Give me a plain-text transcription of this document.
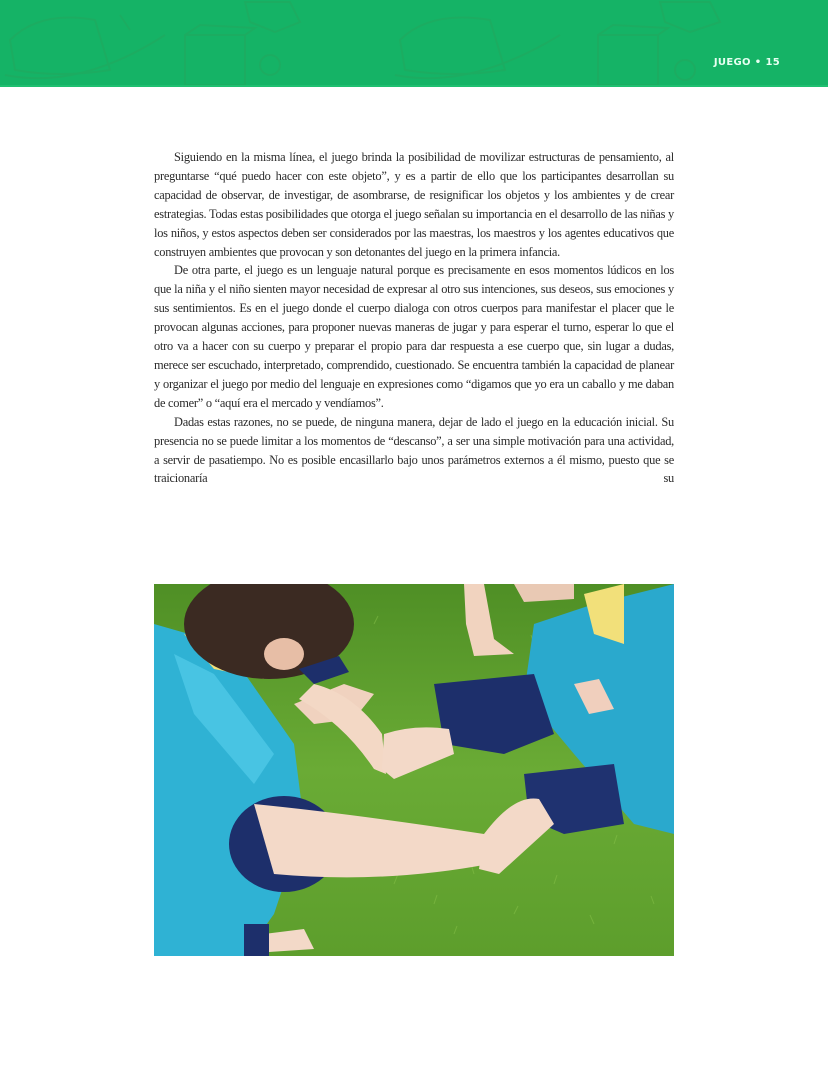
JUEGO • 15

Siguiendo en la misma línea, el juego brinda la posibilidad de movilizar estructuras de pensamiento, al preguntarse “qué puedo hacer con este objeto”, y es a partir de ello que los participantes desarrollan su capacidad de observar, de investigar, de asombrarse, de resignificar los objetos y los ambientes y de crear estrategias. Todas estas posibilidades que otorga el juego señalan su importancia en el desarrollo de las niñas y los niños, y estos aspectos deben ser considerados por las maestras, los maestros y los agentes educativos que construyen ambientes que provocan y son detonantes del juego en la primera infancia.

De otra parte, el juego es un lenguaje natural porque es precisamente en esos momentos lúdicos en los que la niña y el niño sienten mayor necesidad de expresar al otro sus intenciones, sus deseos, sus emociones y sus sentimientos. Es en el juego donde el cuerpo dialoga con otros cuerpos para manifestar el placer que le provocan algunas acciones, para proponer nuevas maneras de jugar y para esperar el turno, esperar lo que el otro va a hacer con su cuerpo y preparar el propio para dar respuesta a ese cuerpo que, sin lugar a dudas, merece ser escuchado, interpretado, comprendido, cuestionado. Se encuentra también la capacidad de planear y organizar el juego por medio del lenguaje en expresiones como “digamos que yo era un caballo y me daban de comer” o “aquí era el mercado y vendíamos”.

Dadas estas razones, no se puede, de ninguna manera, dejar de lado el juego en la educación inicial. Su presencia no se puede limitar a los momentos de “descanso”, a ser una simple motivación para una actividad, a servir de pasatiempo. No es posible encasillarlo bajo unos parámetros externos a él mismo, puesto que se traicionaría su
